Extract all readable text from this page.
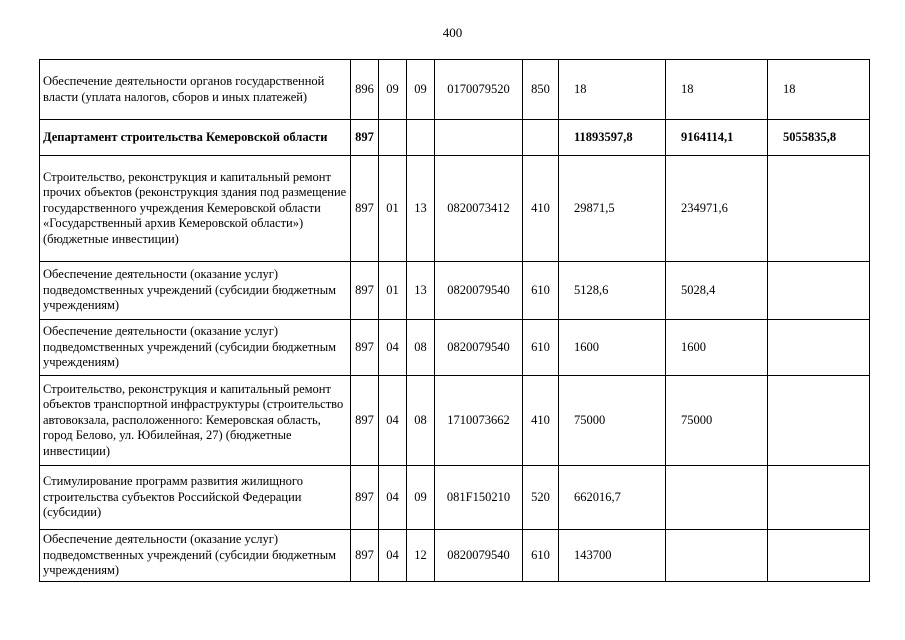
400
Обеспечение деятельности органов государственной власти (уплата налогов, сборов и иных платежей)	896	09	09	0170079520	850	18	18	18
Департамент строительства Кемеровской области	897					11893597,8	9164114,1	5055835,8
Строительство, реконструкция и капитальный ремонт прочих объектов (реконструкция здания под размещение государственного учреждения Кемеровской области «Государственный архив Кемеровской области») (бюджетные инвестиции)	897	01	13	0820073412	410	29871,5	234971,6	
Обеспечение деятельности (оказание услуг) подведомственных учреждений (субсидии бюджетным учреждениям)	897	01	13	0820079540	610	5128,6	5028,4	
Обеспечение деятельности (оказание услуг) подведомственных учреждений (субсидии бюджетным учреждениям)	897	04	08	0820079540	610	1600	1600	
Строительство, реконструкция и капитальный ремонт объектов транспортной инфраструктуры (строительство автовокзала, расположенного: Кемеровская область, город Белово, ул. Юбилейная, 27) (бюджетные инвестиции)	897	04	08	1710073662	410	75000	75000	
Стимулирование программ развития жилищного строительства субъектов Российской Федерации (субсидии)	897	04	09	081F150210	520	662016,7		
Обеспечение деятельности (оказание услуг) подведомственных учреждений (субсидии бюджетным учреждениям)	897	04	12	0820079540	610	143700		
